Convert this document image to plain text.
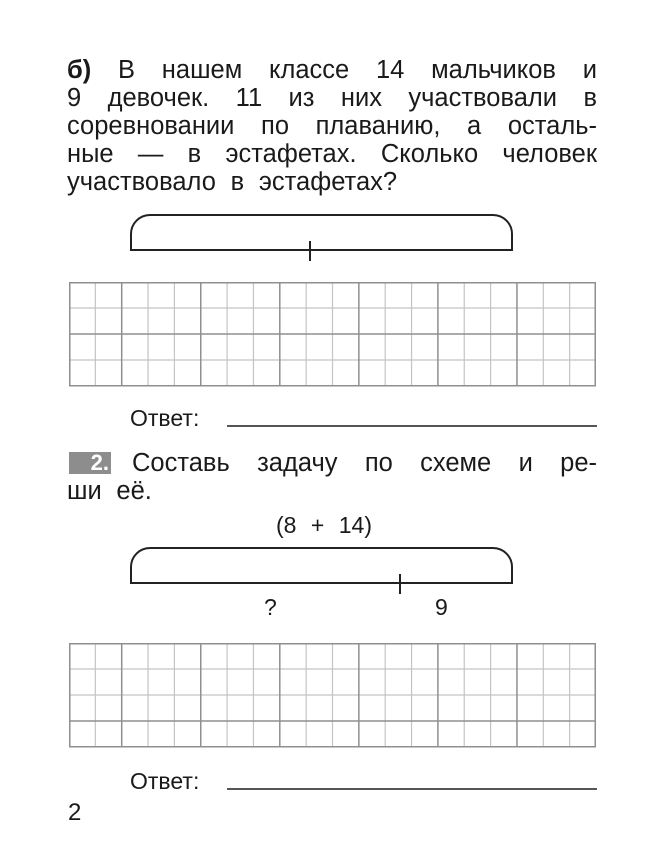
б) В нашем классе 14 мальчиков и
9 девочек. 11 из них участвовали в
соревновании по плаванию, а осталь-
ные — в эстафетах. Сколько человек
участвовало в эстафетах?
Ответ:
2. Составь задачу по схеме и ре-
ши её.
(8 + 14)
?	9
Ответ:
2
